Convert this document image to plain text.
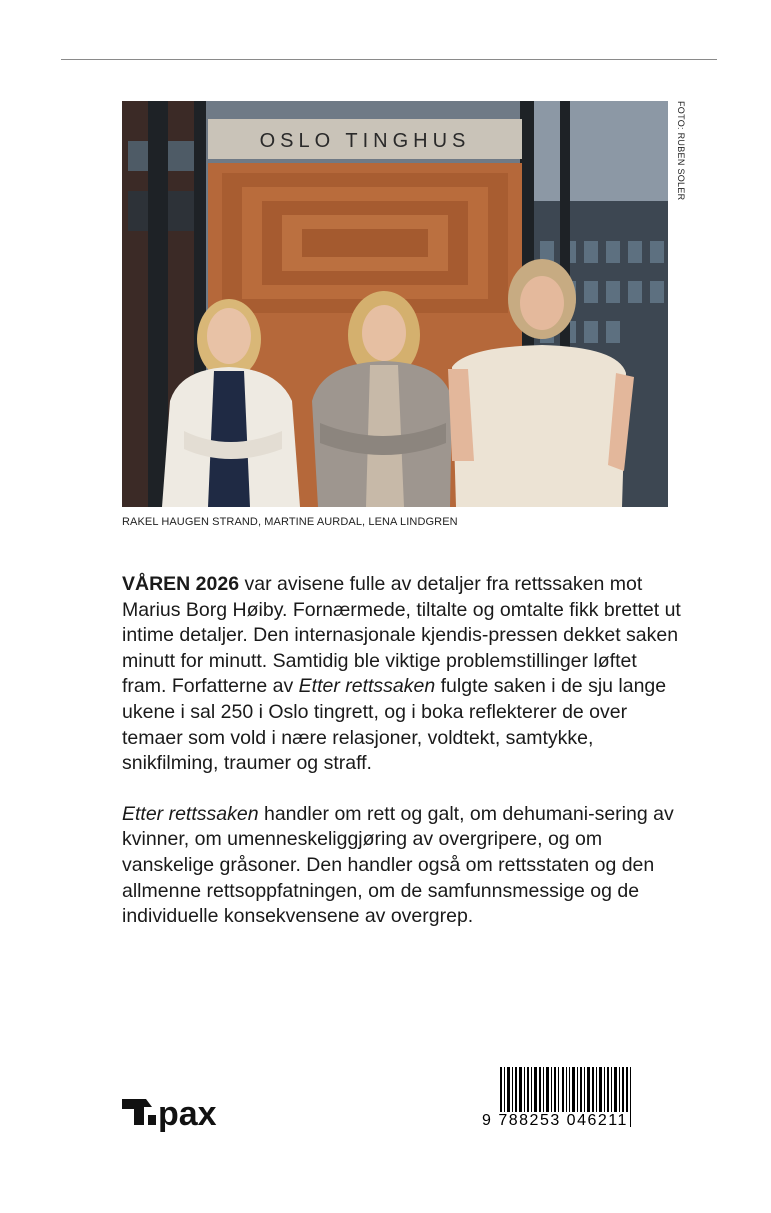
OSLO TINGHUS	FOTO: RUBEN SOLER
RAKEL HAUGEN STRAND, MARTINE AURDAL, LENA LINDGREN

VÅREN 2026 var avisene fulle av detaljer fra rettssaken mot Marius Borg Høiby. Fornærmede, tiltalte og omtalte fikk brettet ut intime detaljer. Den internasjonale kjendis-pressen dekket saken minutt for minutt. Samtidig ble viktige problemstillinger løftet fram. Forfatterne av Etter rettssaken fulgte saken i de sju lange ukene i sal 250 i Oslo tingrett, og i boka reflekterer de over temaer som vold i nære relasjoner, voldtekt, samtykke, snikfilming, traumer og straff.

Etter rettssaken handler om rett og galt, om dehumani-sering av kvinner, om umenneskeliggjøring av overgripere, og om vanskelige gråsoner. Den handler også om rettsstaten og den allmenne rettsoppfatningen, om de samfunnsmessige og de individuelle konsekvensene av overgrep.

pax	9 788253 046211
